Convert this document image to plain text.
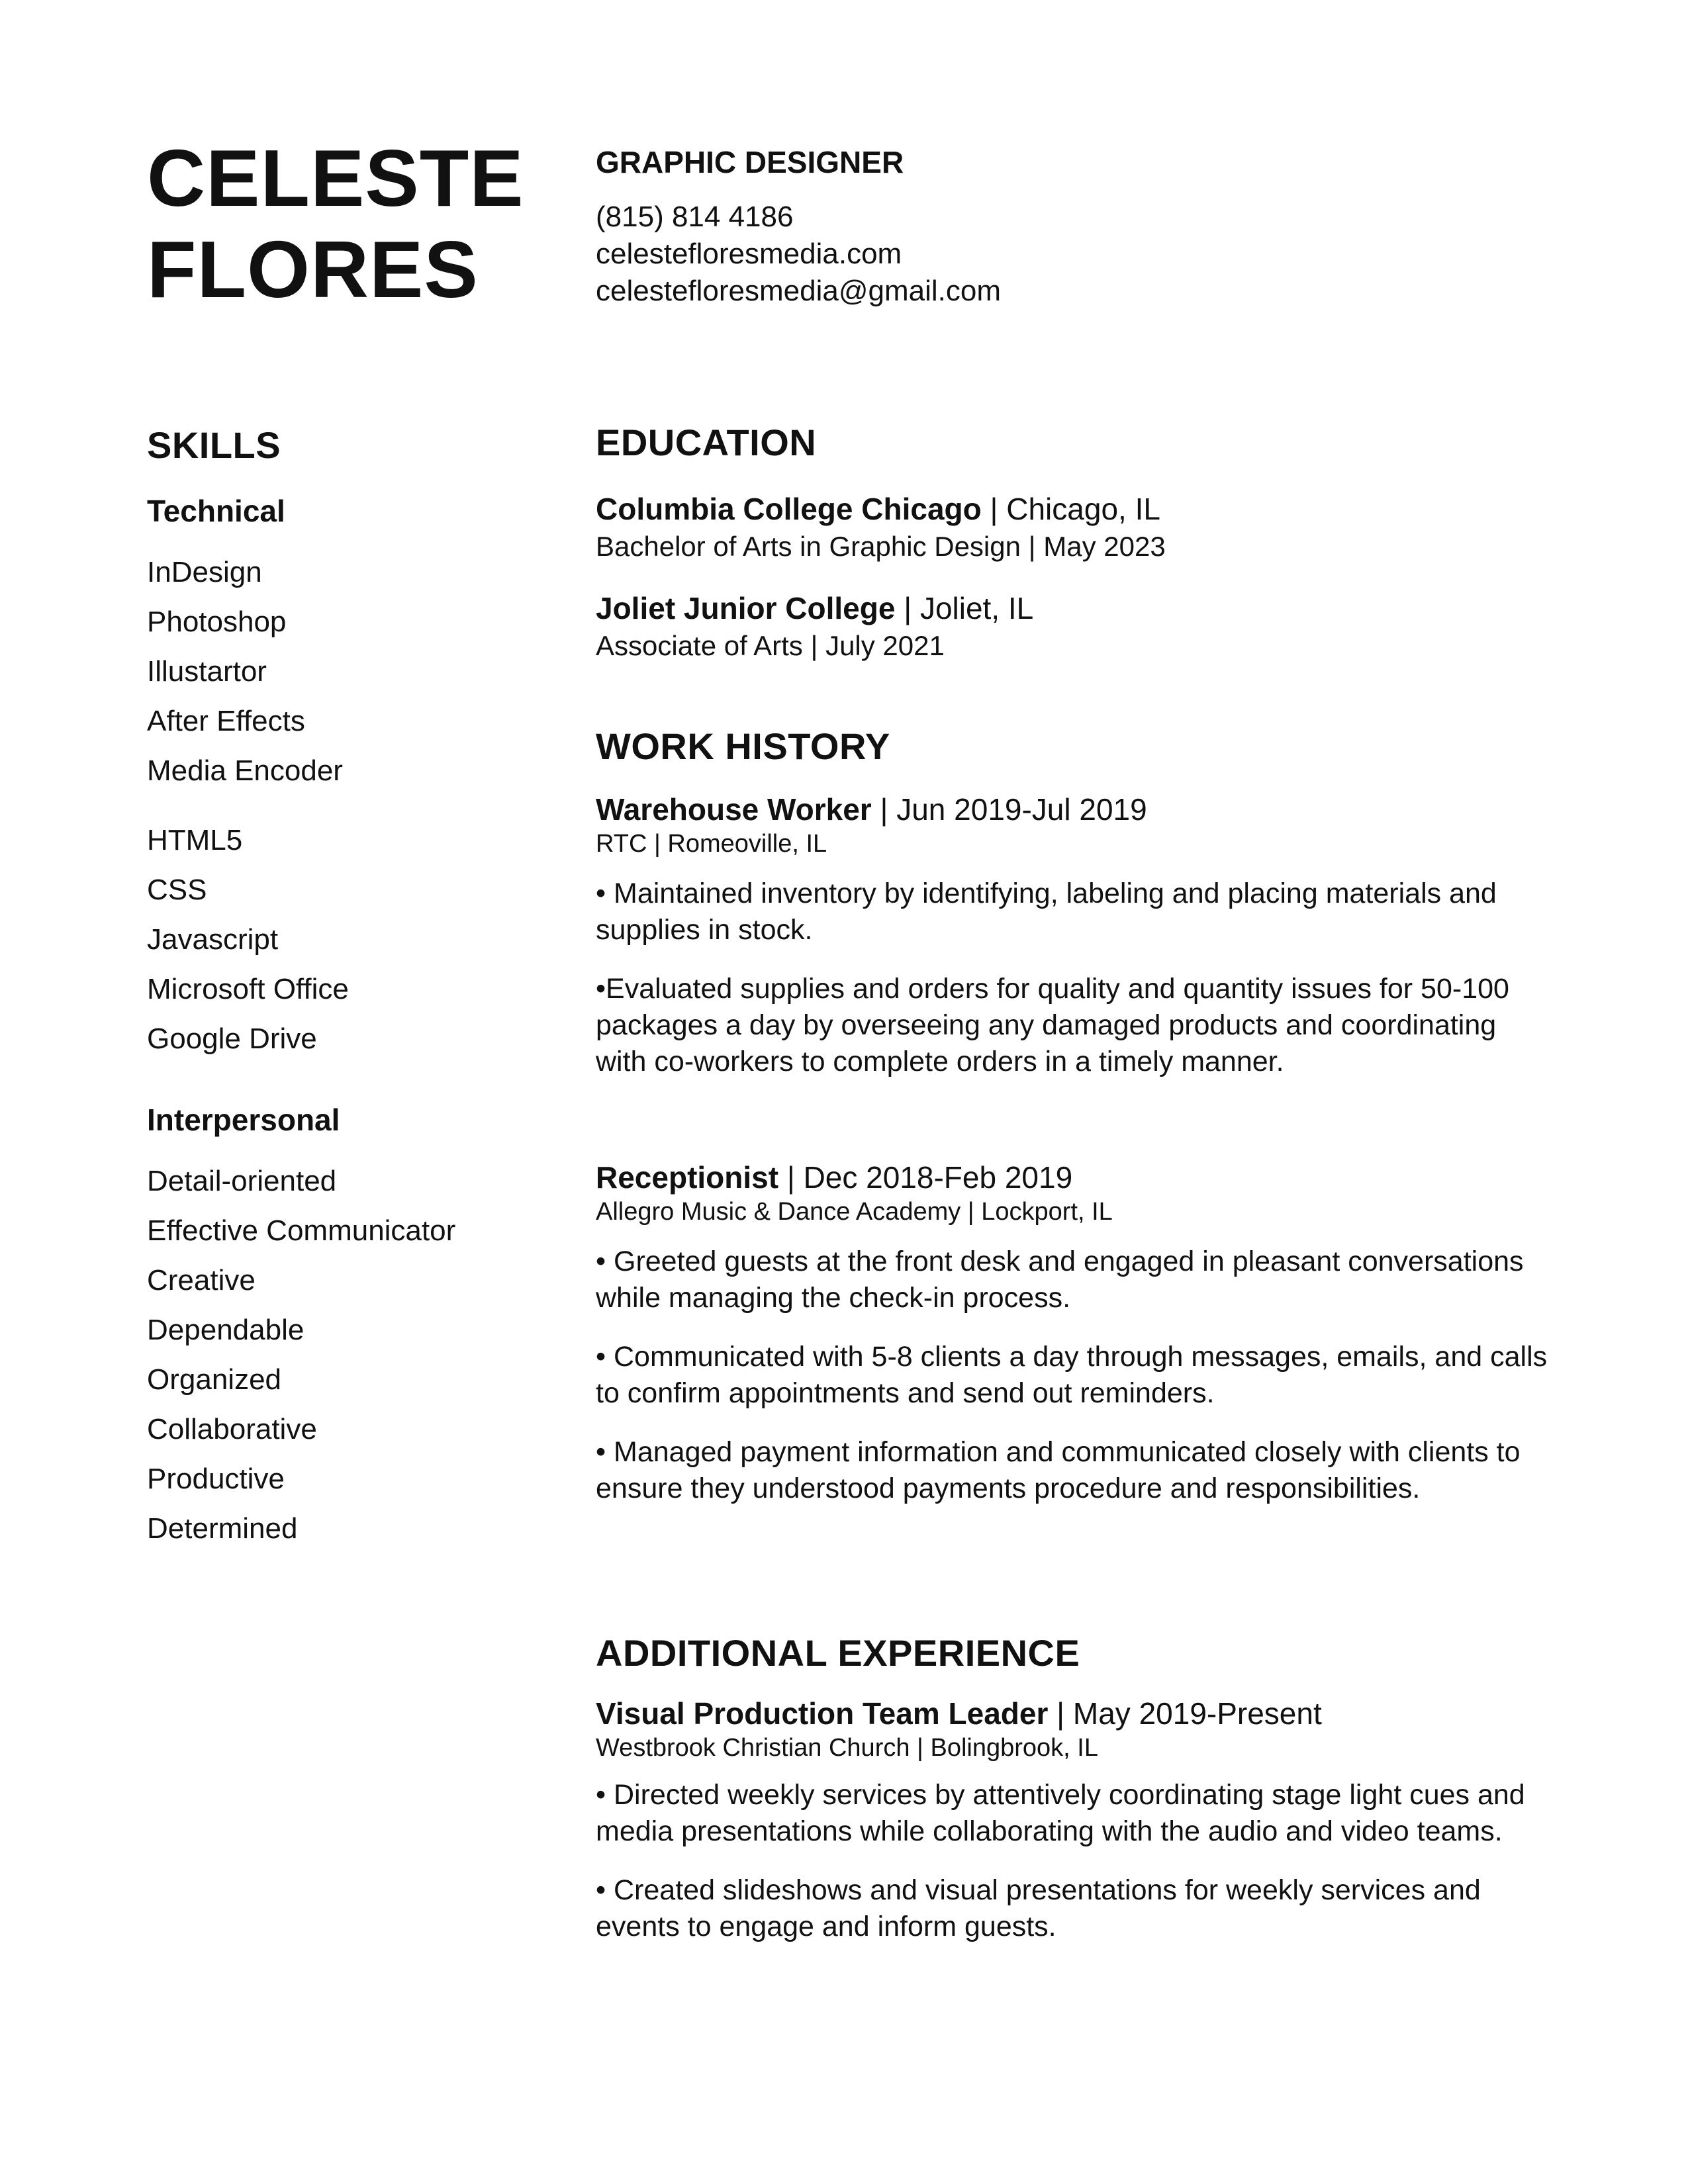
CELESTE
FLORES
GRAPHIC DESIGNER
(815) 814 4186
celestefloresmedia.com
celestefloresmedia@gmail.com
SKILLS
Technical
InDesign
Photoshop
Illustartor
After Effects
Media Encoder
HTML5
CSS
Javascript
Microsoft Office
Google Drive
Interpersonal
Detail-oriented
Effective Communicator
Creative
Dependable
Organized
Collaborative
Productive
Determined
EDUCATION
Columbia College Chicago | Chicago, IL
Bachelor of Arts in Graphic Design | May 2023
Joliet Junior College | Joliet, IL
Associate of Arts | July 2021
WORK HISTORY
Warehouse Worker | Jun 2019-Jul 2019
RTC | Romeoville, IL
• Maintained inventory by identifying, labeling and placing materials and supplies in stock.
•Evaluated supplies and orders for quality and quantity issues for 50-100 packages a day by overseeing any damaged products and coordinating with co-workers to complete orders in a timely manner.
Receptionist | Dec 2018-Feb 2019
Allegro Music & Dance Academy | Lockport, IL
• Greeted guests at the front desk and engaged in pleasant conversations while managing the check-in process.
• Communicated with 5-8 clients a day through messages, emails, and calls to confirm appointments and send out reminders.
• Managed payment information and communicated closely with clients to ensure they understood payments procedure and responsibilities.
ADDITIONAL EXPERIENCE
Visual Production Team Leader | May 2019-Present
Westbrook Christian Church | Bolingbrook, IL
• Directed weekly services by attentively coordinating stage light cues and media presentations while collaborating with the audio and video teams.
• Created slideshows and visual presentations for weekly services and events to engage and inform guests.
